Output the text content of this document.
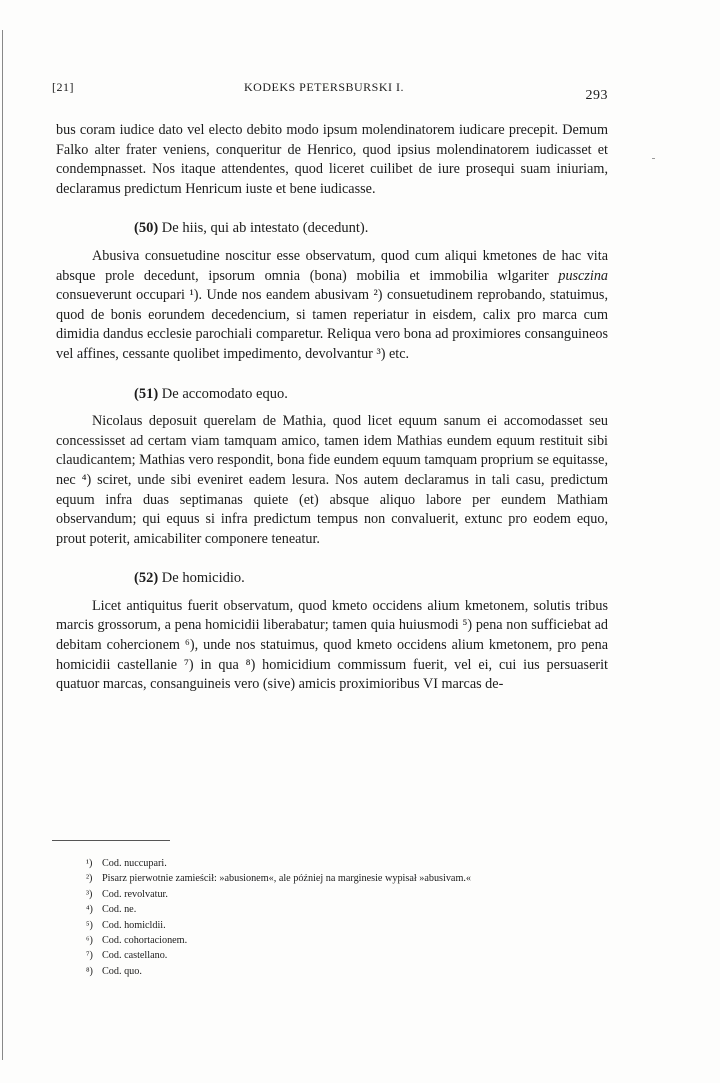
[21]	KODEKS PETERSBURSKI I.
293

bus coram iudice dato vel electo debito modo ipsum molendinatorem iudicare precepit. Demum Falko alter frater veniens, conqueritur de Henrico, quod ipsius molendinatorem iudicasset et condempnasset. Nos itaque attendentes, quod liceret cuilibet de iure prosequi suam iniuriam, declaramus predictum Henricum iuste et bene iudicasse.

(50) De hiis, qui ab intestato (decedunt).

Abusiva consuetudine noscitur esse observatum, quod cum aliqui kmetones de hac vita absque prole decedunt, ipsorum omnia (bona) mobilia et immobilia wlgariter pusczina consueverunt occupari ¹). Unde nos eandem abusivam ²) consuetudinem reprobando, statuimus, quod de bonis eorundem decedencium, si tamen reperiatur in eisdem, calix pro marca cum dimidia dandus ecclesie parochiali comparetur. Reliqua vero bona ad proximiores consanguineos vel affines, cessante quolibet impedimento, devolvantur ³) etc.

(51) De accomodato equo.

Nicolaus deposuit querelam de Mathia, quod licet equum sanum ei accomodasset seu concessisset ad certam viam tamquam amico, tamen idem Mathias eundem equum restituit sibi claudicantem; Mathias vero respondit, bona fide eundem equum tamquam proprium se equitasse, nec ⁴) sciret, unde sibi eveniret eadem lesura. Nos autem declaramus in tali casu, predictum equum infra duas septimanas quiete (et) absque aliquo labore per eundem Mathiam observandum; qui equus si infra predictum tempus non convaluerit, extunc pro eodem equo, prout poterit, amicabiliter componere teneatur.

(52) De homicidio.

Licet antiquitus fuerit observatum, quod kmeto occidens alium kmetonem, solutis tribus marcis grossorum, a pena homicidii liberabatur; tamen quia huiusmodi ⁵) pena non sufficiebat ad debitam cohercionem ⁶), unde nos statuimus, quod kmeto occidens alium kmetonem, pro pena homicidii castellanie ⁷) in qua ⁸) homicidium commissum fuerit, vel ei, cui ius persuaserit quatuor marcas, consanguineis vero (sive) amicis proximioribus VI marcas de-

¹) Cod. nuccupari.
²) Pisarz pierwotnie zamieścił: »abusionem«, ale później na marginesie wypisał »abusivam.«
³) Cod. revolvatur.
⁴) Cod. ne.
⁵) Cod. homicldii.
⁶) Cod. cohortacionem.
⁷) Cod. castellano.
⁸) Cod. quo.
